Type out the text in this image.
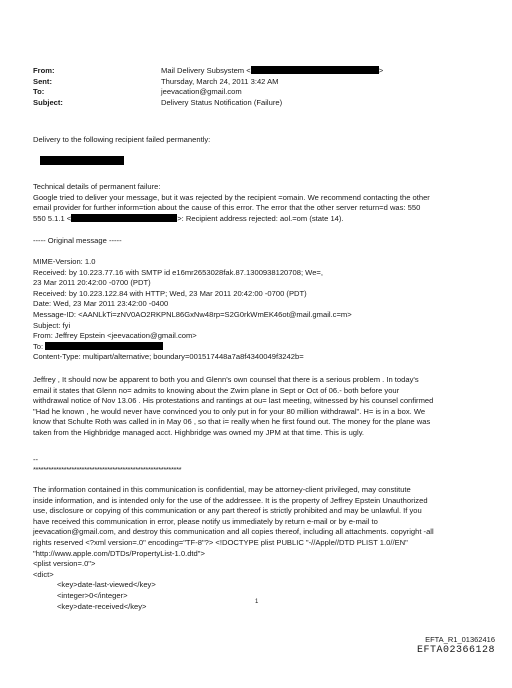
From:	Mail Delivery Subsystem <	>
Sent:	Thursday, March 24, 2011 3:42 AM
To:	jeevacation@gmail.com
Subject:	Delivery Status Notification (Failure)
Delivery to the following recipient failed permanently:
Technical details of permanent failure:
Google tried to deliver your message, but it was rejected by the recipient =omain. We recommend contacting the other
email provider for further inform=tion about the cause of this error. The error that the other server return=d was: 550
550 5.1.1 <	>: Recipient address rejected: aol.=om (state 14).
----- Original message -----
MIME-Version: 1.0
Received: by 10.223.77.16 with SMTP id e16mr2653028fak.87.1300938120708; We=,
23 Mar 2011 20:42:00 -0700 (PDT)
Received: by 10.223.122.84 with HTTP; Wed, 23 Mar 2011 20:42:00 -0700 (PDT)
Date: Wed, 23 Mar 2011 23:42:00 -0400
Message-ID: <AANLkTi=zNV0AO2RKPNL86GxNw48rp=S2G0rkWmEK46ot@mail.gmail.c=m>
Subject: fyi
From: Jeffrey Epstein <jeevacation@gmail.com>
To:
Content-Type: multipart/alternative; boundary=001517448a7a8f4340049f3242b=
Jeffrey , It should now be apparent to both you and Glenn's own counsel that there is a serious problem . In today's
email it states that Glenn no= admits to knowing about the Zwirn plane in Sept or Oct of 06.- both before your
withdrawal notice of Nov 13.06 . His protestations and rantings at ou= last meeting, witnessed by his counsel confirmed
"Had he known , he would never have convinced you to only put in for your 80 million withdrawal". H= is in a box. We
know that Schulte Roth was called in in May 06 , so that i= really when he first found out. The money for the plane was
taken from the Highbridge managed acct. Highbridge was owned my JPM at that time. This is ugly.
--
**********************************************************
The information contained in this communication is confidential, may be attorney-client privileged, may constitute
inside information, and is intended only for the use of the addressee. It is the property of Jeffrey Epstein Unauthorized
use, disclosure or copying of this communication or any part thereof is strictly prohibited and may be unlawful. If you
have received this communication in error, please notify us immediately by return e-mail or by e-mail to
jeevacation@gmail.com, and destroy this communication and all copies thereof, including all attachments. copyright -all
rights reserved <?xml version=.0" encoding="TF-8"?> <!DOCTYPE plist PUBLIC "-//Apple//DTD PLIST 1.0//EN"
"http://www.apple.com/DTDs/PropertyList-1.0.dtd">
<plist version=.0">
<dict>
<key>date-last-viewed</key>
<integer>0</integer>
<key>date-received</key>	1
EFTA_R1_01362416
EFTA02366128
